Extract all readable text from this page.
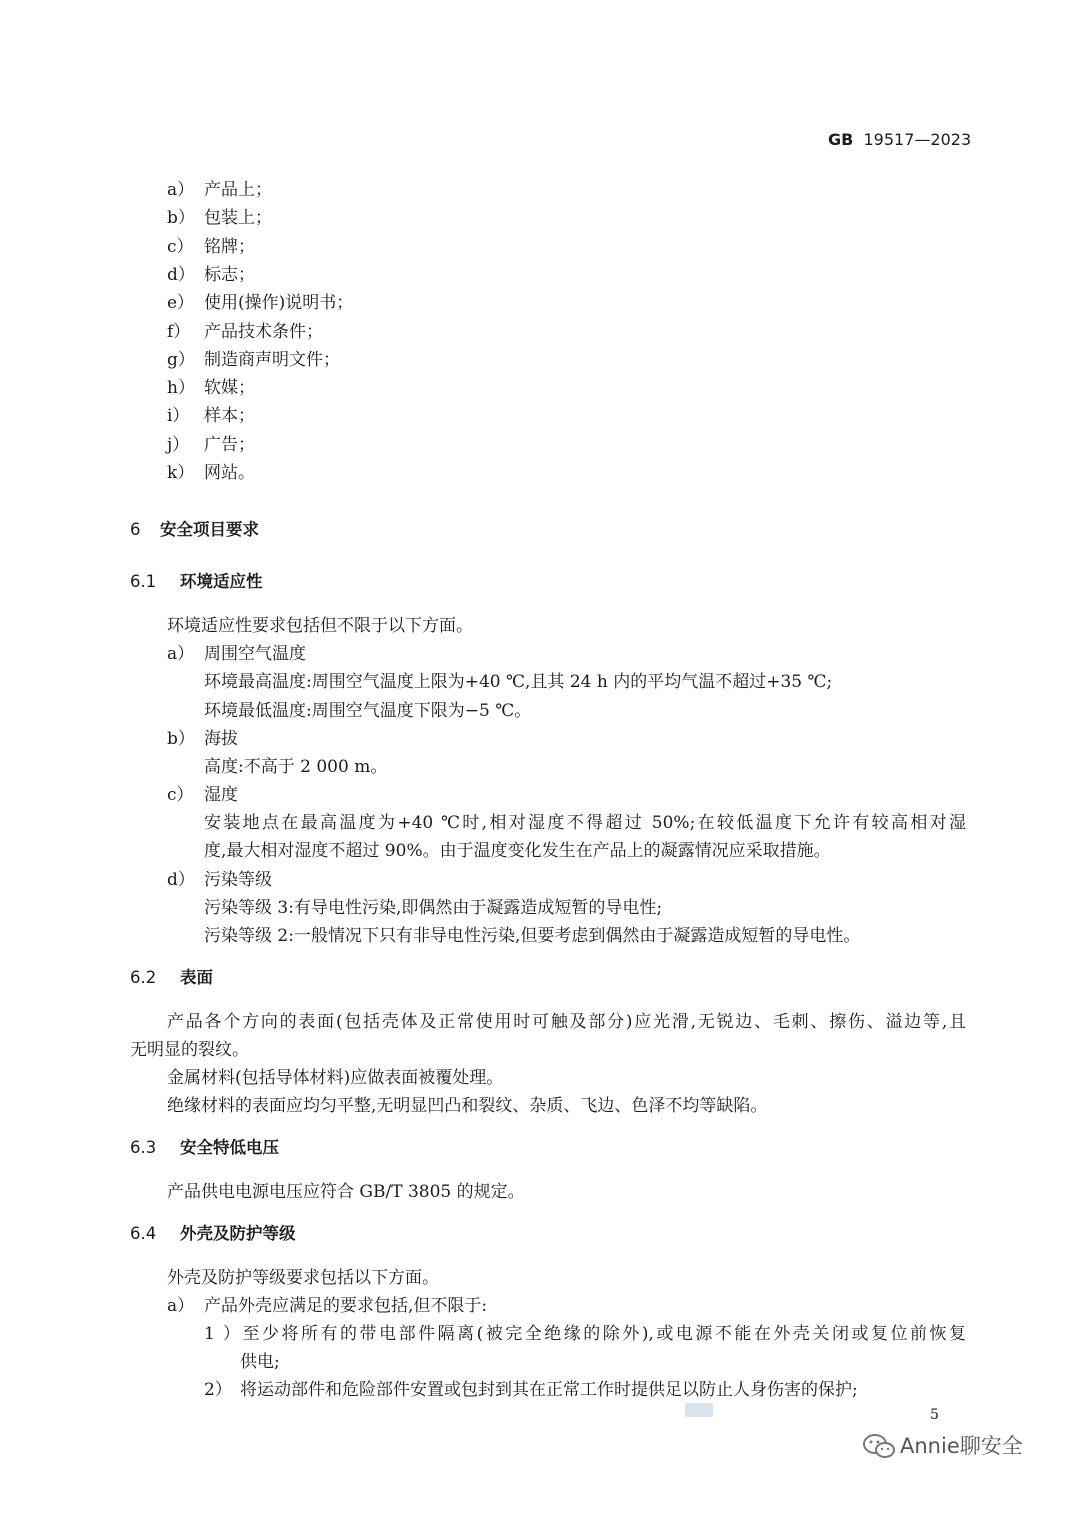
GB 19517—2023
a） 产品上；
b） 包装上；
c） 铭牌；
d） 标志；
e） 使用(操作)说明书；
f） 产品技术条件；
g） 制造商声明文件；
h） 软媒；
i） 样本；
j） 广告；
k） 网站。
6 安全项目要求
6.1 环境适应性
环境适应性要求包括但不限于以下方面。
a） 周围空气温度
环境最高温度:周围空气温度上限为+40 ℃,且其 24 h 内的平均气温不超过+35 ℃;
环境最低温度:周围空气温度下限为−5 ℃。
b） 海拔
高度:不高于 2 000 m。
c） 湿度
安装地点在最高温度为+40 ℃时,相对湿度不得超过 50%;在较低温度下允许有较高相对湿
度,最大相对湿度不超过 90%。由于温度变化发生在产品上的凝露情况应采取措施。
d） 污染等级
污染等级 3:有导电性污染,即偶然由于凝露造成短暂的导电性;
污染等级 2:一般情况下只有非导电性污染,但要考虑到偶然由于凝露造成短暂的导电性。
6.2 表面
产品各个方向的表面(包括壳体及正常使用时可触及部分)应光滑,无锐边、毛刺、擦伤、溢边等,且
无明显的裂纹。
金属材料(包括导体材料)应做表面被覆处理。
绝缘材料的表面应均匀平整,无明显凹凸和裂纹、杂质、飞边、色泽不均等缺陷。
6.3 安全特低电压
产品供电电源电压应符合 GB/T 3805 的规定。
6.4 外壳及防护等级
外壳及防护等级要求包括以下方面。
a） 产品外壳应满足的要求包括,但不限于:
1）至少将所有的带电部件隔离(被完全绝缘的除外),或电源不能在外壳关闭或复位前恢复
供电;
2） 将运动部件和危险部件安置或包封到其在正常工作时提供足以防止人身伤害的保护;
5
Annie聊安全
